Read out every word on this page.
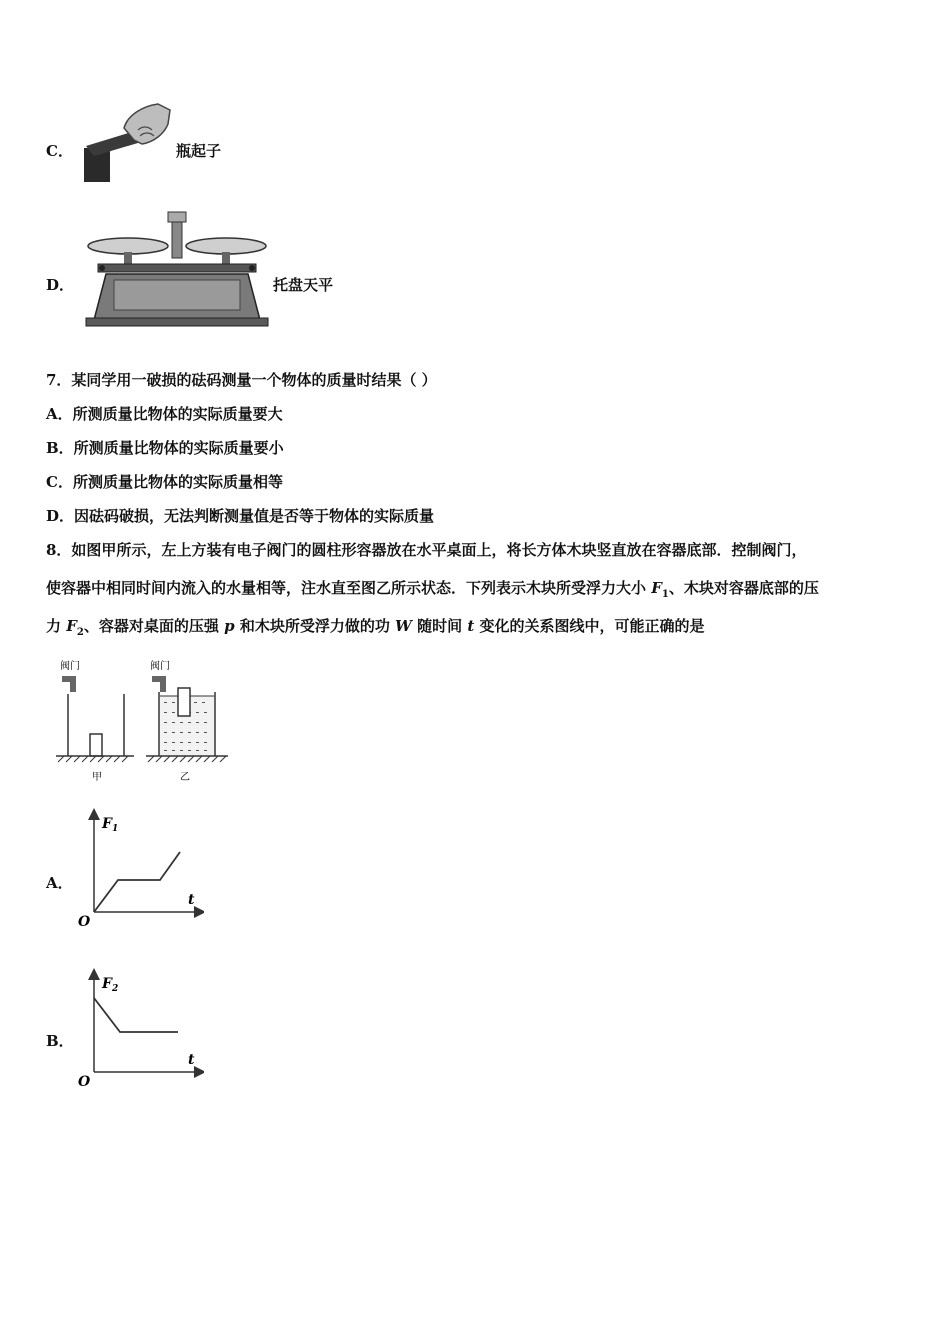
C．	瓶起子
D．	托盘天平
7．某同学用一破损的砝码测量一个物体的质量时结果（ ）
A．所测质量比物体的实际质量要大
B．所测质量比物体的实际质量要小
C．所测质量比物体的实际质量相等
D．因砝码破损，无法判断测量值是否等于物体的实际质量
8．如图甲所示，左上方装有电子阀门的圆柱形容器放在水平桌面上，将长方体木块竖直放在容器底部．控制阀门，
使容器中相同时间内流入的水量相等，注水直至图乙所示状态．下列表示木块所受浮力大小 $F_1$、木块对容器底部的压
力 $F_2$、容器对桌面的压强 p 和木块所受浮力做的功 W 随时间 t 变化的关系图线中，可能正确的是
阀门
甲
阀门
乙
A．
$F_1$
t
O
B．
$F_2$
t
O
